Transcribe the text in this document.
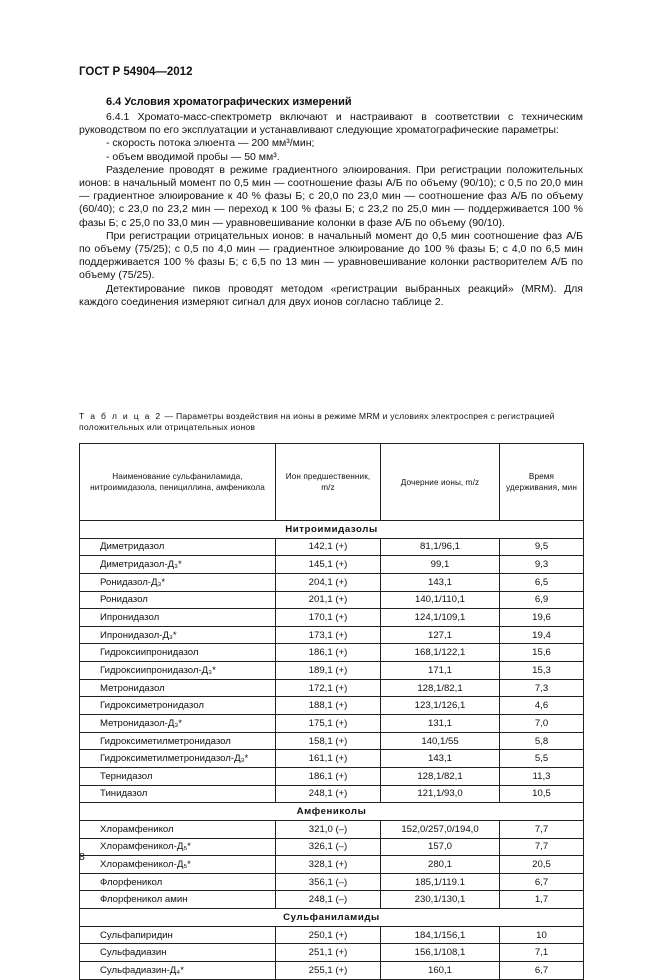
ГОСТ Р 54904—2012
6.4 Условия хроматографических измерений

6.4.1 Хромато-масс-спектрометр включают и настраивают в соответствии с техническим руководством по его эксплуатации и устанавливают следующие хроматографические параметры:

- скорость потока элюента — 200 мм³/мин;

- объем вводимой пробы — 50 мм³.

Разделение проводят в режиме градиентного элюирования. При регистрации положительных ионов: в начальный момент по 0,5 мин — соотношение фазы А/Б по объему (90/10); с 0,5 по 20,0 мин — градиентное элюирование к 40 % фазы Б; с 20,0 по 23,0 мин — соотношение фаз А/Б по объему (60/40); с 23,0 по 23,2 мин — переход к 100 % фазы Б; с 23,2 по 25,0 мин — поддерживается 100 % фазы Б; с 25,0 по 33,0 мин — уравновешивание колонки в фазе А/Б по объему (90/10).

При регистрации отрицательных ионов: в начальный момент до 0,5 мин соотношение фаз А/Б по объему (75/25); с 0,5 по 4,0 мин — градиентное элюирование до 100 % фазы Б; с 4,0 по 6,5 мин поддерживается 100 % фазы Б; с 6,5 по 13 мин — уравновешивание колонки растворителем А/Б по объему (75/25).

Детектирование пиков проводят методом «регистрации выбранных реакций» (MRM). Для каждого соединения измеряют сигнал для двух ионов согласно таблице 2.

Т а б л и ц а 2 — Параметры воздействия на ионы в режиме MRM и условиях электроспрея с регистрацией положительных или отрицательных ионов
Наименование сульфаниламида, нитроимидазола, пенициллина, амфеникола	Ион предшественник, m/z	Дочерние ионы, m/z	Время удерживания, мин
Нитроимидазолы			
Диметридазол	142,1 (+)	81,1/96,1	9,5
Диметридазол-Д₃*	145,1 (+)	99,1	9,3
Ронидазол-Д₃*	204,1 (+)	143,1	6,5
Ронидазол	201,1 (+)	140,1/110,1	6,9
Ипронидазол	170,1 (+)	124,1/109,1	19,6
Ипронидазол-Д₃*	173,1 (+)	127,1	19,4
Гидроксиипронидазол	186,1 (+)	168,1/122,1	15,6
Гидроксиипронидазол-Д₃*	189,1 (+)	171,1	15,3
Метронидазол	172,1 (+)	128,1/82,1	7,3
Гидроксиметронидазол	188,1 (+)	123,1/126,1	4,6
Метронидазол-Д₃*	175,1 (+)	131,1	7,0
Гидроксиметилметронидазол	158,1 (+)	140,1/55	5,8
Гидроксиметилметронидазол-Д₃*	161,1 (+)	143,1	5,5
Тернидазол	186,1 (+)	128,1/82,1	11,3
Тинидазол	248,1 (+)	121,1/93,0	10,5
Амфениколы			
Хлорамфеникол	321,0 (–)	152,0/257,0/194,0	7,7
Хлорамфеникол-Д₅*	326,1 (–)	157,0	7,7
Хлорамфеникол-Д₅*	328,1 (+)	280,1	20,5
Флорфеникол	356,1 (–)	185,1/119.1	6,7
Флорфеникол амин	248,1 (–)	230,1/130,1	1,7
Сульфаниламиды			
Сульфапиридин	250,1 (+)	184,1/156,1	10
Сульфадиазин	251,1 (+)	156,1/108,1	7,1
Сульфадиазин-Д₄*	255,1 (+)	160,1	6,7
8
